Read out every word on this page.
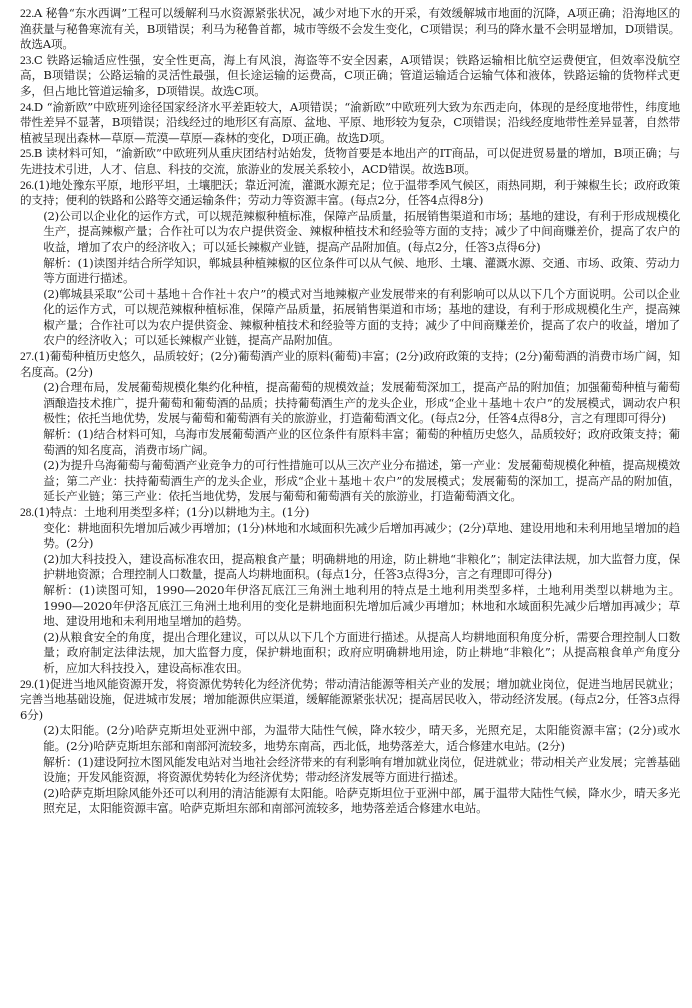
22.A 秘鲁“东水西调”工程可以缓解利马水资源紧张状况，减少对地下水的开采，有效缓解城市地面的沉降，A项正确；沿海地区的渔获量与秘鲁寒流有关，B项错误；利马为秘鲁首都，城市等级不会发生变化，C项错误；利马的降水量不会明显增加，D项错误。故选A项。
23.C 铁路运输适应性强，安全性更高，海上有风浪，海盗等不安全因素，A项错误；铁路运输相比航空运费便宜，但效率没航空高，B项错误；公路运输的灵活性最强，但长途运输的运费高，C项正确；管道运输适合运输气体和液体，铁路运输的货物样式更多，但占地比管道运输多，D项错误。故选C项。
24.D “渝新欧”中欧班列途径国家经济水平差距较大，A项错误；“渝新欧”中欧班列大致为东西走向，体现的是经度地带性，纬度地带性差异不显著，B项错误；沿线经过的地形区有高原、盆地、平原、地形较为复杂，C项错误；沿线经度地带性差异显著，自然带植被呈现出森林—草原—荒漠—草原—森林的变化，D项正确。故选D项。
25.B 读材料可知，“渝新欧”中欧班列从重庆团结村站始发，货物首要是本地出产的IT商品，可以促进贸易量的增加，B项正确；与先进技术引进，人才、信息、科技的交流，旅游业的发展关系较小，ACD错误。故选B项。
26.(1)地处豫东平原，地形平坦，土壤肥沃；靠近河流，灌溉水源充足；位于温带季风气候区，雨热同期，利于辣椒生长；政府政策的支持；便利的铁路和公路等交通运输条件；劳动力等资源丰富。(每点2分，任答4点得8分)
(2)公司以企业化的运作方式，可以规范辣椒种植标准，保障产品质量，拓展销售渠道和市场；基地的建设，有利于形成规模化生产，提高辣椒产量；合作社可以为农户提供资金、辣椒种植技术和经验等方面的支持；减少了中间商赚差价，提高了农户的收益，增加了农户的经济收入；可以延长辣椒产业链，提高产品附加值。(每点2分，任答3点得6分)
解析：(1)读图并结合所学知识，郸城县种植辣椒的区位条件可以从气候、地形、土壤、灌溉水源、交通、市场、政策、劳动力等方面进行描述。
(2)郸城县采取“公司＋基地＋合作社＋农户”的模式对当地辣椒产业发展带来的有利影响可以从以下几个方面说明。公司以企业化的运作方式，可以规范辣椒种植标准，保障产品质量，拓展销售渠道和市场；基地的建设，有利于形成规模化生产，提高辣椒产量；合作社可以为农户提供资金、辣椒种植技术和经验等方面的支持；减少了中间商赚差价，提高了农户的收益，增加了农户的经济收入；可以延长辣椒产业链，提高产品附加值。
27.(1)葡萄种植历史悠久，品质较好；(2分)葡萄酒产业的原料(葡萄)丰富；(2分)政府政策的支持；(2分)葡萄酒的消费市场广阔，知名度高。(2分)
(2)合理布局，发展葡萄规模化集约化种植，提高葡萄的规模效益；发展葡萄深加工，提高产品的附加值；加强葡萄种植与葡萄酒酿造技术推广，提升葡萄和葡萄酒的品质；扶持葡萄酒生产的龙头企业，形成“企业＋基地＋农户”的发展模式，调动农户积极性；依托当地优势，发展与葡萄和葡萄酒有关的旅游业，打造葡萄酒文化。(每点2分，任答4点得8分，言之有理即可得分)
解析：(1)结合材料可知，乌海市发展葡萄酒产业的区位条件有原料丰富；葡萄的种植历史悠久，品质较好；政府政策支持；葡萄酒的知名度高，消费市场广阔。
(2)为提升乌海葡萄与葡萄酒产业竞争力的可行性措施可以从三次产业分布描述，第一产业：发展葡萄规模化种植，提高规模效益；第二产业：扶持葡萄酒生产的龙头企业，形成“企业＋基地＋农户”的发展模式；发展葡萄的深加工，提高产品的附加值，延长产业链；第三产业：依托当地优势，发展与葡萄和葡萄酒有关的旅游业，打造葡萄酒文化。
28.(1)特点：土地利用类型多样；(1分)以耕地为主。(1分)
变化：耕地面积先增加后减少再增加；(1分)林地和水域面积先减少后增加再减少；(2分)草地、建设用地和未利用地呈增加的趋势。(2分)
(2)加大科技投入，建设高标准农田，提高粮食产量；明确耕地的用途，防止耕地“非粮化”；制定法律法规，加大监督力度，保护耕地资源；合理控制人口数量，提高人均耕地面积。(每点1分，任答3点得3分，言之有理即可得分)
解析：(1)读图可知，1990—2020年伊洛瓦底江三角洲土地利用的特点是土地利用类型多样，土地利用类型以耕地为主。1990—2020年伊洛瓦底江三角洲土地利用的变化是耕地面积先增加后减少再增加；林地和水域面积先减少后增加再减少；草地、建设用地和未利用地呈增加的趋势。
(2)从粮食安全的角度，提出合理化建议，可以从以下几个方面进行描述。从提高人均耕地面积角度分析，需要合理控制人口数量；政府制定法律法规，加大监督力度，保护耕地面积；政府应明确耕地用途，防止耕地“非粮化”；从提高粮食单产角度分析，应加大科技投入，建设高标准农田。
29.(1)促进当地风能资源开发，将资源优势转化为经济优势；带动清洁能源等相关产业的发展；增加就业岗位，促进当地居民就业；完善当地基础设施，促进城市发展；增加能源供应渠道，缓解能源紧张状况；提高居民收入，带动经济发展。(每点2分，任答3点得6分)
(2)太阳能。(2分)哈萨克斯坦处亚洲中部，为温带大陆性气候，降水较少，晴天多，光照充足，太阳能资源丰富；(2分)或水能。(2分)哈萨克斯坦东部和南部河流较多，地势东南高，西北低，地势落差大，适合修建水电站。(2分)
解析：(1)建设阿拉木图风能发电站对当地社会经济带来的有利影响有增加就业岗位，促进就业；带动相关产业发展；完善基础设施；开发风能资源，将资源优势转化为经济优势；带动经济发展等方面进行描述。
(2)哈萨克斯坦除风能外还可以利用的清洁能源有太阳能。哈萨克斯坦位于亚洲中部，属于温带大陆性气候，降水少，晴天多光照充足，太阳能资源丰富。哈萨克斯坦东部和南部河流较多，地势落差适合修建水电站。
